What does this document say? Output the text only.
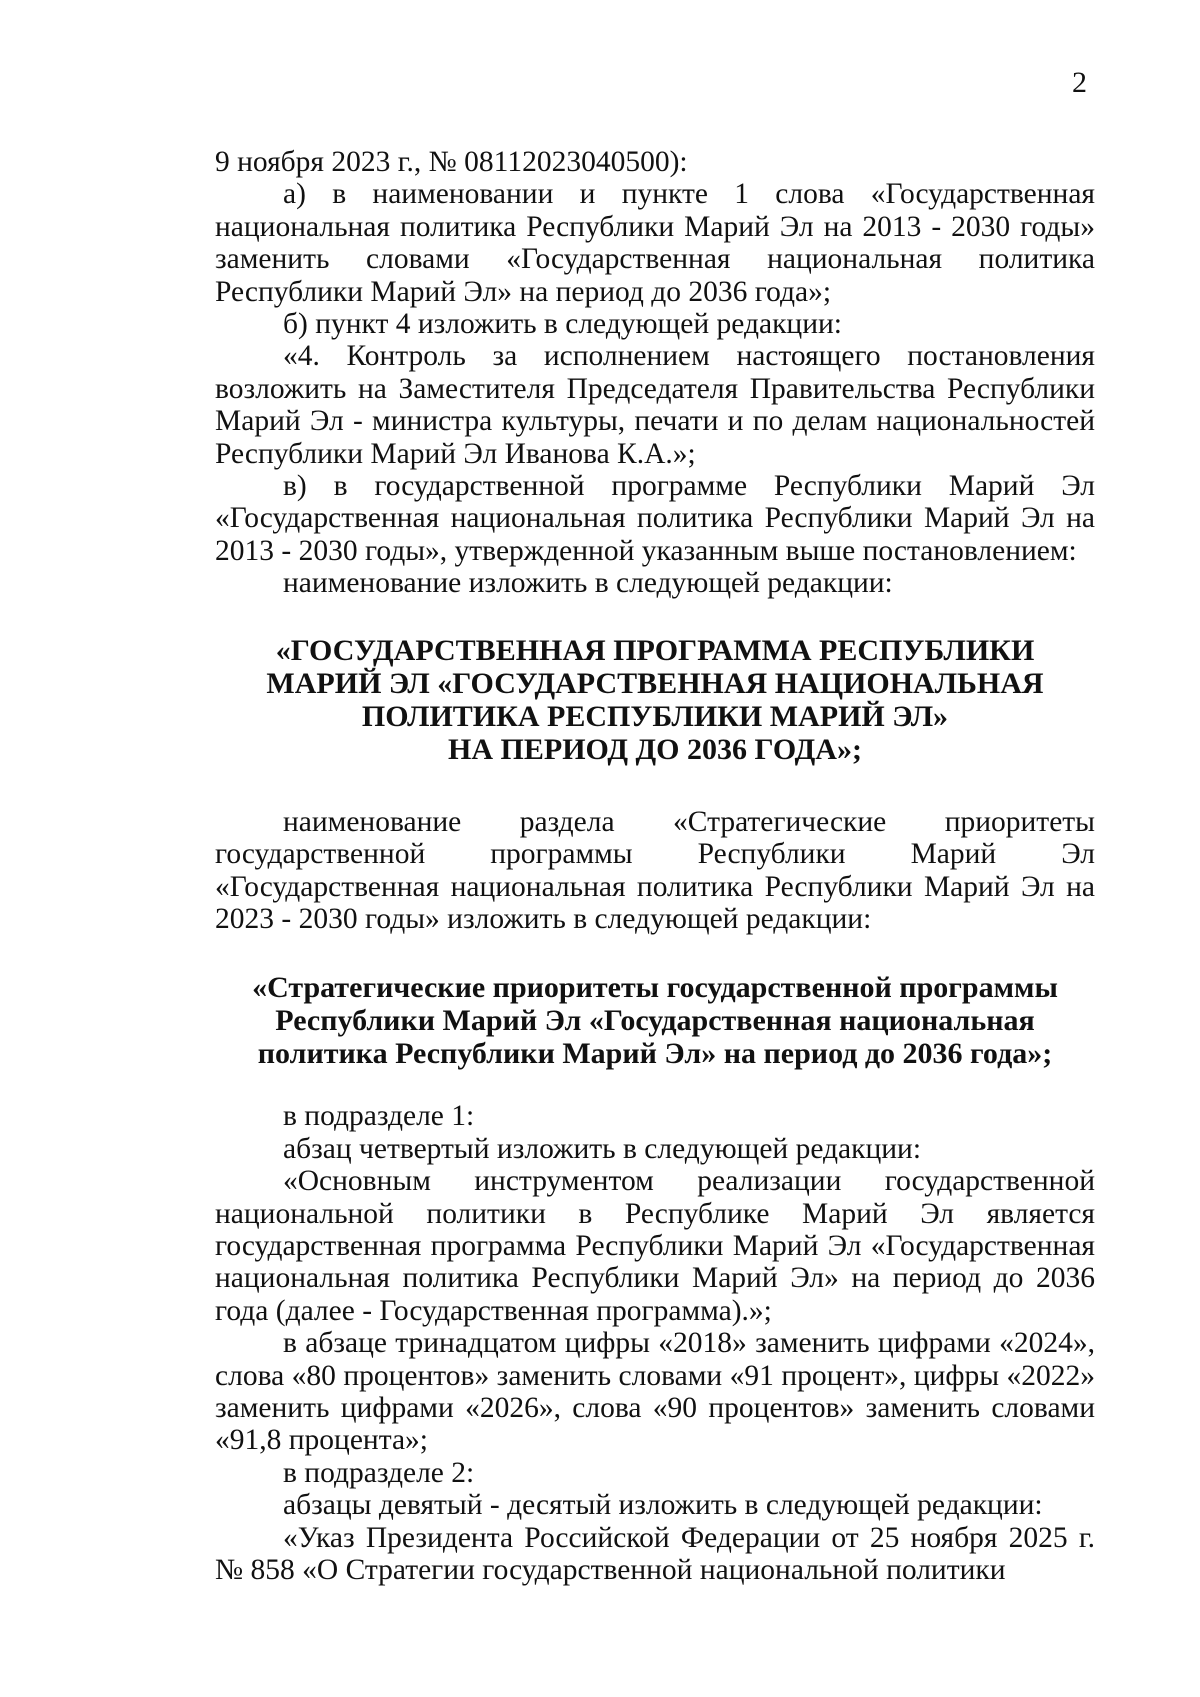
2

9 ноября 2023 г., № 08112023040500):

а) в наименовании и пункте 1 слова «Государственная национальная политика Республики Марий Эл на 2013 - 2030 годы» заменить словами «Государственная национальная политика Республики Марий Эл» на период до 2036 года»;

б) пункт 4 изложить в следующей редакции:

«4. Контроль за исполнением настоящего постановления возложить на Заместителя Председателя Правительства Республики Марий Эл - министра культуры, печати и по делам национальностей Республики Марий Эл Иванова К.А.»;

в) в государственной программе Республики Марий Эл «Государственная национальная политика Республики Марий Эл на 2013 - 2030 годы», утвержденной указанным выше постановлением:

наименование изложить в следующей редакции:

«ГОСУДАРСТВЕННАЯ ПРОГРАММА РЕСПУБЛИКИ
МАРИЙ ЭЛ «ГОСУДАРСТВЕННАЯ НАЦИОНАЛЬНАЯ
ПОЛИТИКА РЕСПУБЛИКИ МАРИЙ ЭЛ»
НА ПЕРИОД ДО 2036 ГОДА»;

наименование раздела «Стратегические приоритеты государственной программы Республики Марий Эл «Государственная национальная политика Республики Марий Эл на 2023 - 2030 годы» изложить в следующей редакции:

«Стратегические приоритеты государственной программы
Республики Марий Эл «Государственная национальная
политика Республики Марий Эл» на период до 2036 года»;

в подразделе 1:

абзац четвертый изложить в следующей редакции:

«Основным инструментом реализации государственной национальной политики в Республике Марий Эл является государственная программа Республики Марий Эл «Государственная национальная политика Республики Марий Эл» на период до 2036 года (далее - Государственная программа).»;

в абзаце тринадцатом цифры «2018» заменить цифрами «2024», слова «80 процентов» заменить словами «91 процент», цифры «2022» заменить цифрами «2026», слова «90 процентов» заменить словами «91,8 процента»;

в подразделе 2:

абзацы девятый - десятый изложить в следующей редакции:

«Указ Президента Российской Федерации от 25 ноября 2025 г. № 858 «О Стратегии государственной национальной политики
